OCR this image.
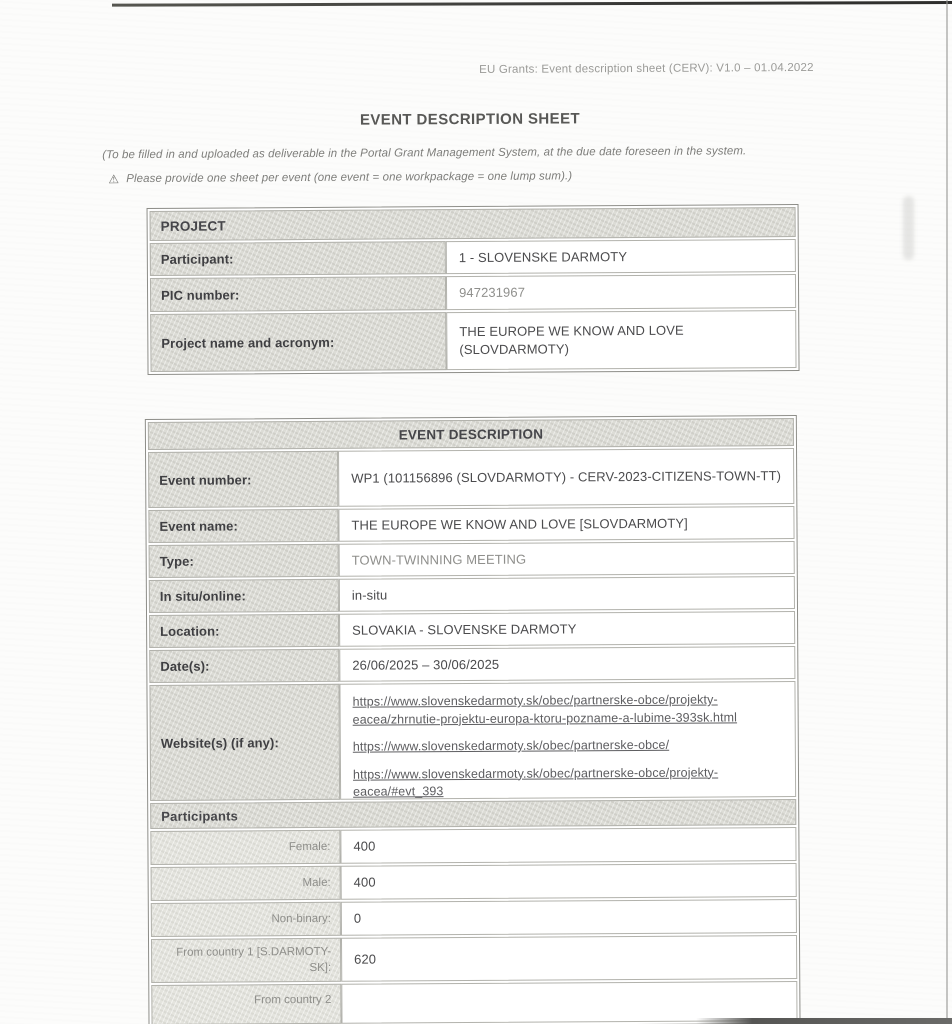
EU Grants: Event description sheet (CERV): V1.0 – 01.04.2022
EVENT DESCRIPTION SHEET
(To be filled in and uploaded as deliverable in the Portal Grant Management System, at the due date foreseen in the system.
⚠ Please provide one sheet per event (one event = one workpackage = one lump sum).)
PROJECT
Participant:	1 - SLOVENSKE DARMOTY
PIC number:	947231967
Project name and acronym:
THE EUROPE WE KNOW AND LOVE (SLOVDARMOTY)
EVENT DESCRIPTION
Event number:	WP1 (101156896 (SLOVDARMOTY) - CERV-2023-CITIZENS-TOWN-TT)
Event name:	THE EUROPE WE KNOW AND LOVE [SLOVDARMOTY]
Type:	TOWN-TWINNING MEETING
In situ/online:	in-situ
Location:	SLOVAKIA - SLOVENSKE DARMOTY
Date(s):	26/06/2025 – 30/06/2025
Website(s) (if any):
https://www.slovenskedarmoty.sk/obec/partnerske-obce/projekty-eacea/zhrnutie-projektu-europa-ktoru-pozname-a-lubime-393sk.html
https://www.slovenskedarmoty.sk/obec/partnerske-obce/
https://www.slovenskedarmoty.sk/obec/partnerske-obce/projekty-eacea/#evt_393
Participants
Female:	400
Male:	400
Non-binary:	0
From country 1 [S.DARMOTY-SK]:
620
From country 2
